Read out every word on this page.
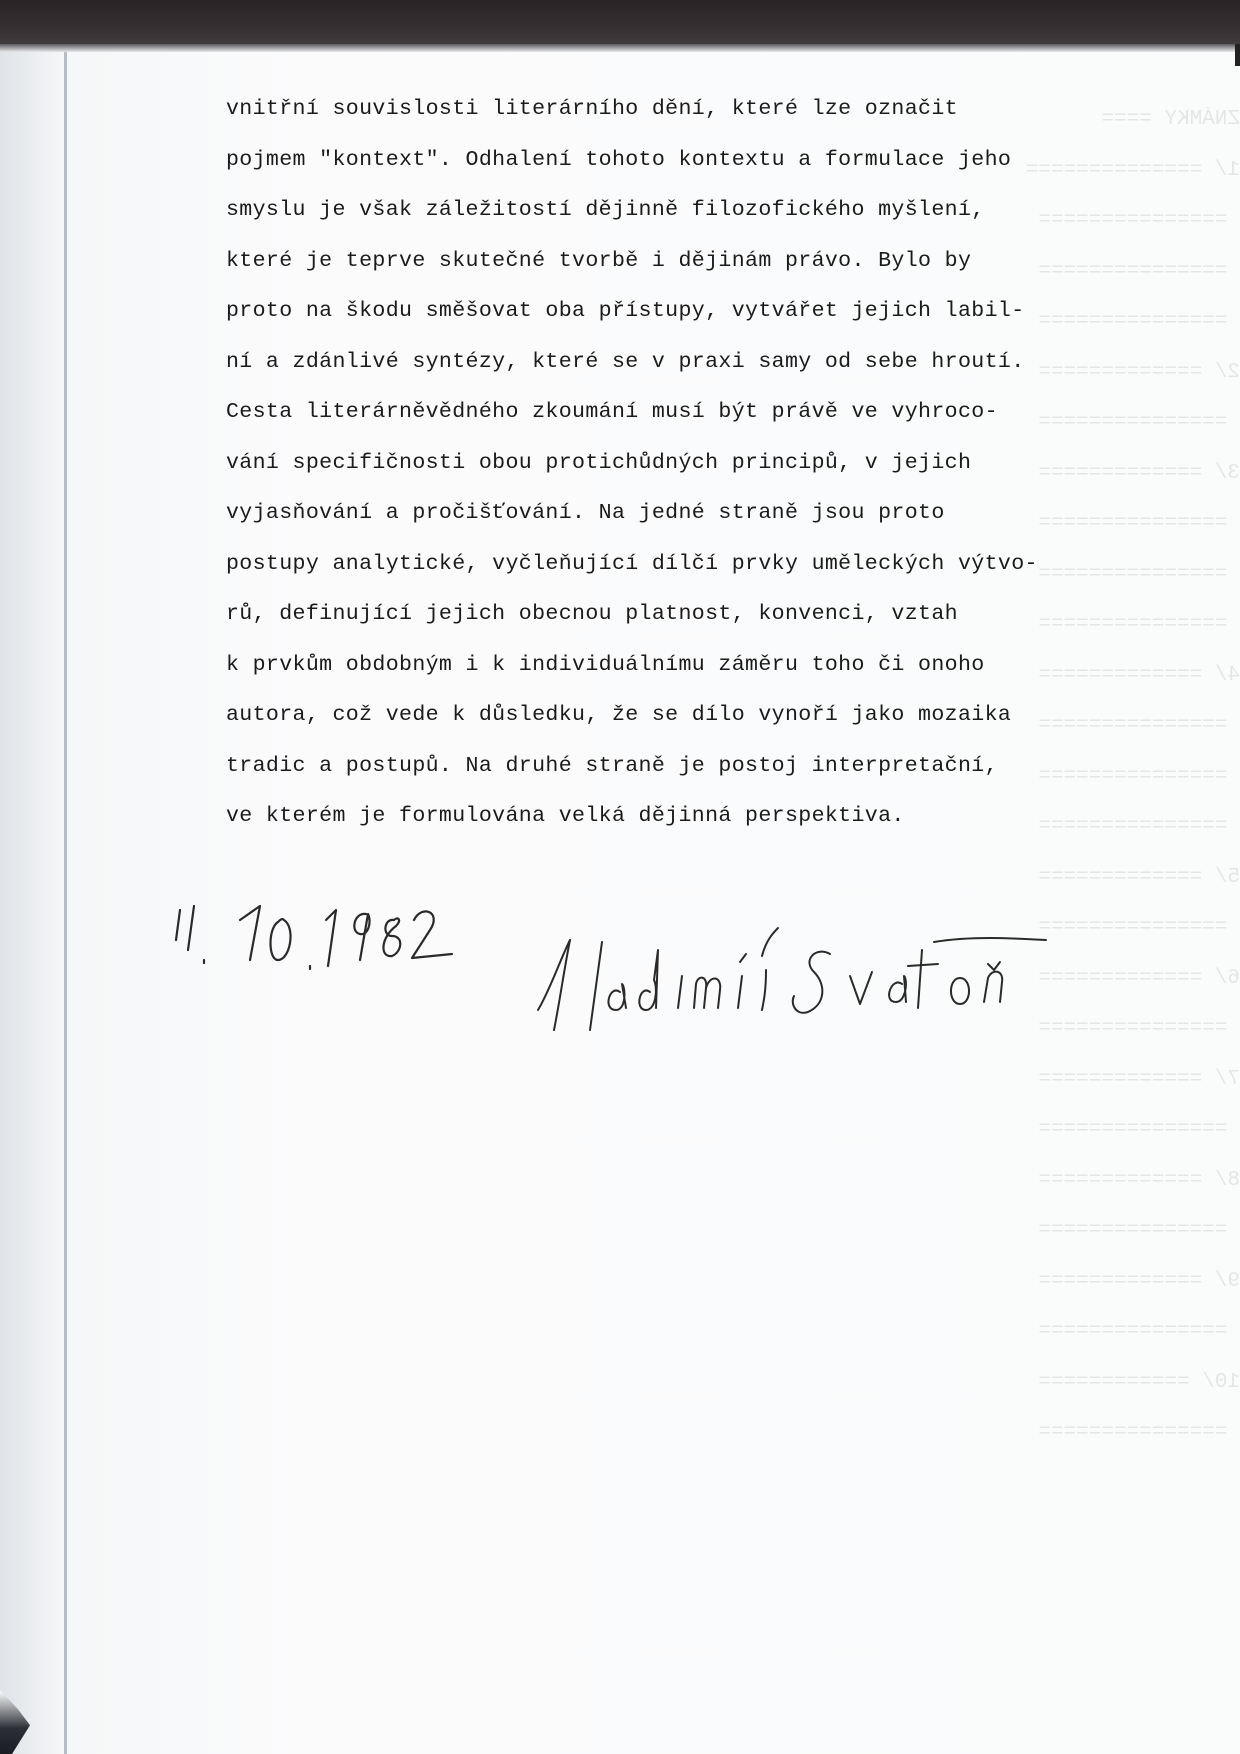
ZNÁMKY ====
1/ ==============
===============
===============
===============
2/ =============
===============
3/ =============
===============
===============
===============
4/ =============
===============
===============
===============
5/ =============
===============
6/ =============
===============
7/ =============
===============
8/ =============
===============
9/ =============
===============
10/ ============
===============
vnitřní souvislosti literárního dění, které lze označit
pojmem "kontext". Odhalení tohoto kontextu a formulace jeho
smyslu je však záležitostí dějinně filozofického myšlení,
které je teprve skutečné tvorbě i dějinám právo. Bylo by
proto na škodu směšovat oba přístupy, vytvářet jejich labil-
ní a zdánlivé syntézy, které se v praxi samy od sebe hroutí.
Cesta literárněvědného zkoumání musí být právě ve vyhroco-
vání specifičnosti obou protichůdných principů, v jejich
vyjasňování a pročišťování. Na jedné straně jsou proto
postupy analytické, vyčleňující dílčí prvky uměleckých výtvo-
rů, definující jejich obecnou platnost, konvenci, vztah
k prvkům obdobným i k individuálnímu záměru toho či onoho
autora, což vede k důsledku, že se dílo vynoří jako mozaika
tradic a postupů. Na druhé straně je postoj interpretační,
ve kterém je formulována velká dějinná perspektiva.
